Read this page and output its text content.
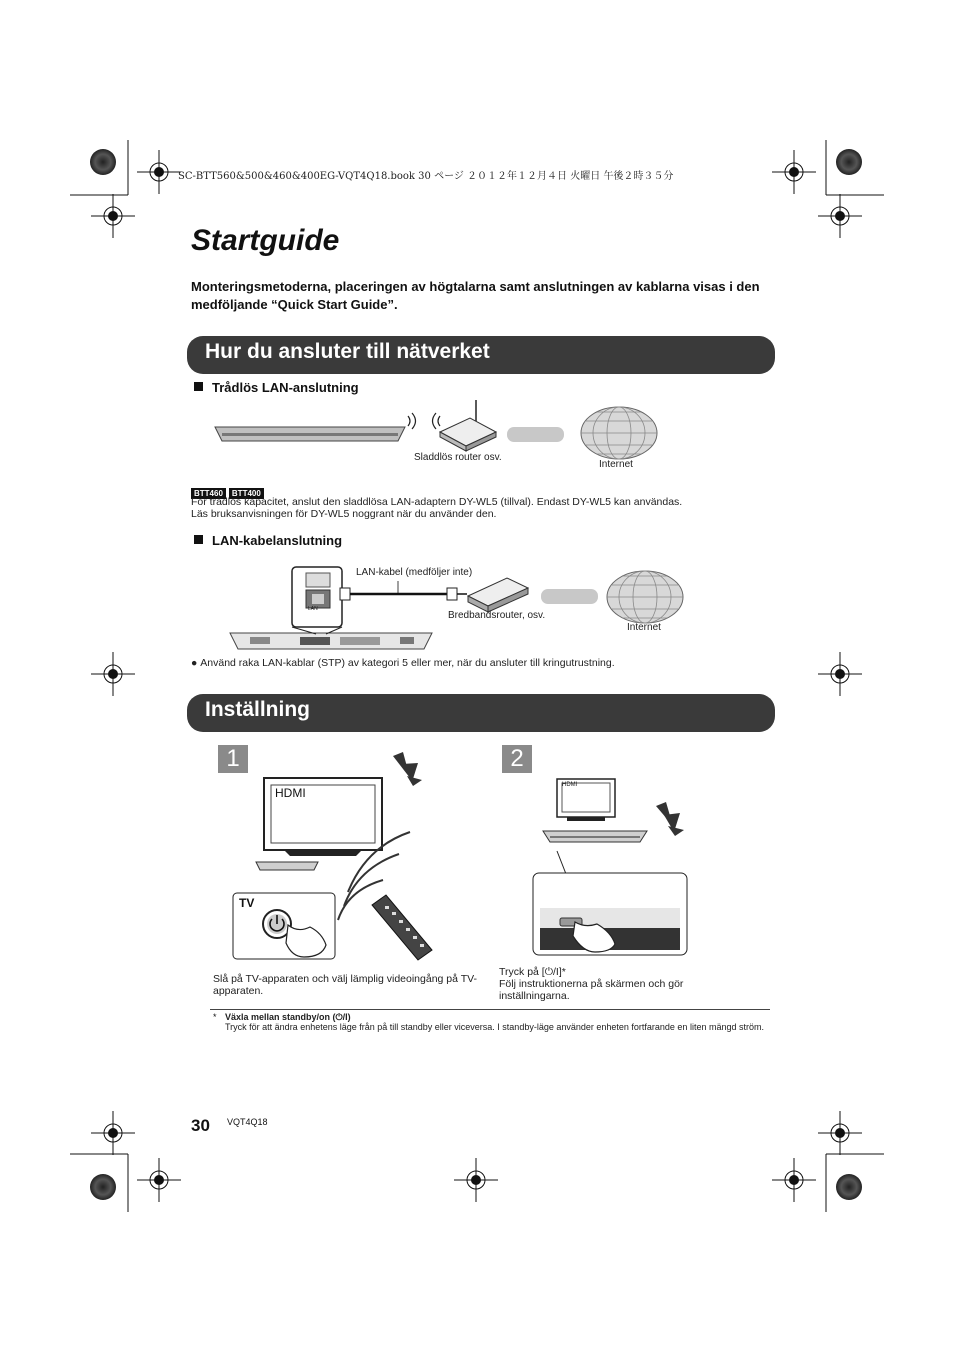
SC-BTT560&500&460&400EG-VQT4Q18.book 30 ページ ２０１２年１２月４日 火曜日 午後２時３５分
Startguide
Monteringsmetoderna, placeringen av högtalarna samt anslutningen av kablarna visas i den medföljande “Quick Start Guide”.
Hur du ansluter till nätverket
Trådlös LAN-anslutning
Sladdlös router osv.
Internet
BTT460 BTT400
För trådlös kapacitet, anslut den sladdlösa LAN-adaptern DY-WL5 (tillval). Endast DY-WL5 kan användas.
Läs bruksanvisningen för DY-WL5 noggrant när du använder den.
LAN-kabelanslutning
LAN-kabel (medföljer inte)
LAN
Bredbandsrouter, osv.
Internet
● Använd raka LAN-kablar (STP) av kategori 5 eller mer, när du ansluter till kringutrustning.
Inställning
1	2
HDMI
TV
HDMI
Slå på TV-apparaten och välj lämplig videoingång på TV-apparaten.
Tryck på [⏻/I]*
Följ instruktionerna på skärmen och gör inställningarna.
* Växla mellan standby/on (⏻/I)
Tryck för att ändra enhetens läge från på till standby eller viceversa. I standby-läge använder enheten fortfarande en liten mängd ström.
30 VQT4Q18
